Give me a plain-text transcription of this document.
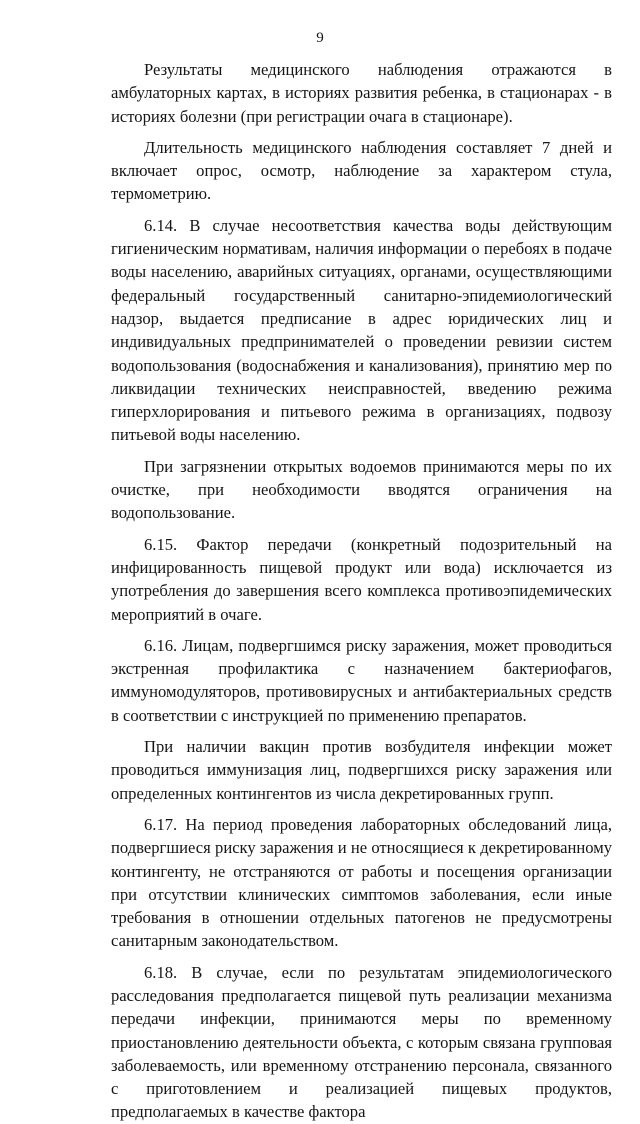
9

Результаты медицинского наблюдения отражаются в амбулаторных картах, в историях развития ребенка, в стационарах - в историях болезни (при регистрации очага в стационаре).

Длительность медицинского наблюдения составляет 7 дней и включает опрос, осмотр, наблюдение за характером стула, термометрию.

6.14. В случае несоответствия качества воды действующим гигиеническим нормативам, наличия информации о перебоях в подаче воды населению, аварийных ситуациях, органами, осуществляющими федеральный государственный санитарно-эпидемиологический надзор, выдается предписание в адрес юридических лиц и индивидуальных предпринимателей о проведении ревизии систем водопользования (водоснабжения и канализования), принятию мер по ликвидации технических неисправностей, введению режима гиперхлорирования и питьевого режима в организациях, подвозу питьевой воды населению.

При загрязнении открытых водоемов принимаются меры по их очистке, при необходимости вводятся ограничения на водопользование.

6.15. Фактор передачи (конкретный подозрительный на инфицированность пищевой продукт или вода) исключается из употребления до завершения всего комплекса противоэпидемических мероприятий в очаге.

6.16. Лицам, подвергшимся риску заражения, может проводиться экстренная профилактика с назначением бактериофагов, иммуномодуляторов, противовирусных и антибактериальных средств в соответствии с инструкцией по применению препаратов.

При наличии вакцин против возбудителя инфекции может проводиться иммунизация лиц, подвергшихся риску заражения или определенных контингентов из числа декретированных групп.

6.17. На период проведения лабораторных обследований лица, подвергшиеся риску заражения и не относящиеся к декретированному контингенту, не отстраняются от работы и посещения организации при отсутствии клинических симптомов заболевания, если иные требования в отношении отдельных патогенов не предусмотрены санитарным законодательством.

6.18. В случае, если по результатам эпидемиологического расследования предполагается пищевой путь реализации механизма передачи инфекции, принимаются меры по временному приостановлению деятельности объекта, с которым связана групповая заболеваемость, или временному отстранению персонала, связанного с приготовлением и реализацией пищевых продуктов, предполагаемых в качестве фактора
